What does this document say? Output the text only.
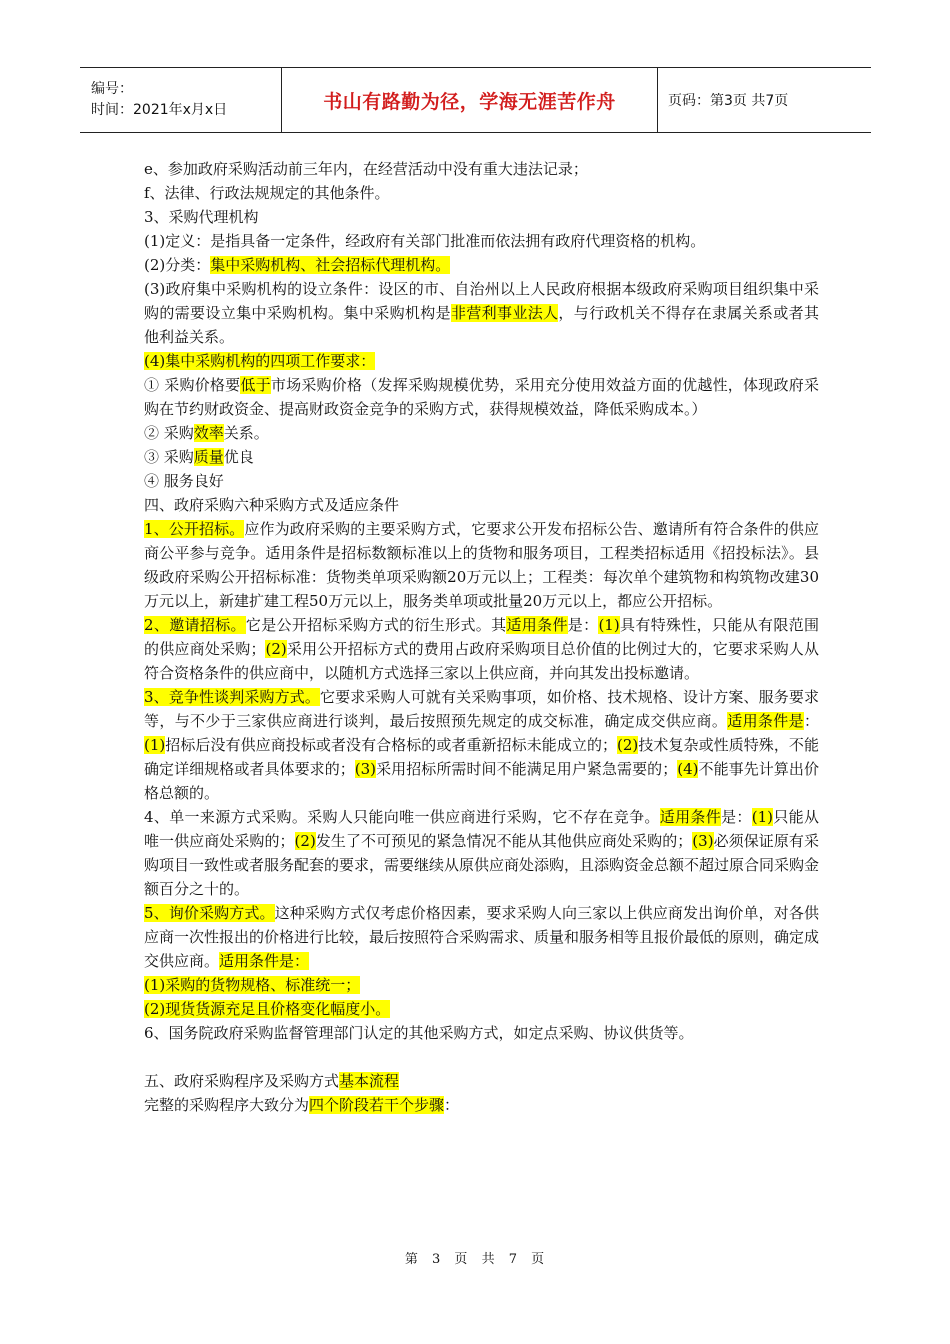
编号：
时间：2021年x月x日	书山有路勤为径，学海无涯苦作舟	页码：第3页 共7页

e、参加政府采购活动前三年内，在经营活动中没有重大违法记录；

f、法律、行政法规规定的其他条件。

3、采购代理机构

(1)定义：是指具备一定条件，经政府有关部门批准而依法拥有政府代理资格的机构。

(2)分类：集中采购机构、社会招标代理机构。

(3)政府集中采购机构的设立条件：设区的市、自治州以上人民政府根据本级政府采购项目组织集中采购的需要设立集中采购机构。集中采购机构是非营利事业法人，与行政机关不得存在隶属关系或者其他利益关系。

(4)集中采购机构的四项工作要求：

① 采购价格要低于市场采购价格（发挥采购规模优势，采用充分使用效益方面的优越性，体现政府采购在节约财政资金、提高财政资金竞争的采购方式，获得规模效益，降低采购成本。）

② 采购效率关系。

③ 采购质量优良

④ 服务良好

四、政府采购六种采购方式及适应条件

1、公开招标。应作为政府采购的主要采购方式，它要求公开发布招标公告、邀请所有符合条件的供应商公平参与竞争。适用条件是招标数额标准以上的货物和服务项目，工程类招标适用《招投标法》。县级政府采购公开招标标准：货物类单项采购额20万元以上；工程类：每次单个建筑物和构筑物改建30万元以上，新建扩建工程50万元以上，服务类单项或批量20万元以上，都应公开招标。

2、邀请招标。它是公开招标采购方式的衍生形式。其适用条件是：(1)具有特殊性，只能从有限范围的供应商处采购；(2)采用公开招标方式的费用占政府采购项目总价值的比例过大的，它要求采购人从符合资格条件的供应商中，以随机方式选择三家以上供应商，并向其发出投标邀请。

3、竞争性谈判采购方式。它要求采购人可就有关采购事项，如价格、技术规格、设计方案、服务要求等，与不少于三家供应商进行谈判，最后按照预先规定的成交标准，确定成交供应商。适用条件是：(1)招标后没有供应商投标或者没有合格标的或者重新招标未能成立的；(2)技术复杂或性质特殊，不能确定详细规格或者具体要求的；(3)采用招标所需时间不能满足用户紧急需要的；(4)不能事先计算出价格总额的。

4、单一来源方式采购。采购人只能向唯一供应商进行采购，它不存在竞争。适用条件是：(1)只能从唯一供应商处采购的；(2)发生了不可预见的紧急情况不能从其他供应商处采购的；(3)必须保证原有采购项目一致性或者服务配套的要求，需要继续从原供应商处添购，且添购资金总额不超过原合同采购金额百分之十的。

5、询价采购方式。这种采购方式仅考虑价格因素，要求采购人向三家以上供应商发出询价单，对各供应商一次性报出的价格进行比较，最后按照符合采购需求、质量和服务相等且报价最低的原则，确定成交供应商。适用条件是：

(1)采购的货物规格、标准统一；

(2)现货货源充足且价格变化幅度小。

6、国务院政府采购监督管理部门认定的其他采购方式，如定点采购、协议供货等。

五、政府采购程序及采购方式基本流程

完整的采购程序大致分为四个阶段若干个步骤：

第 3 页 共 7 页
